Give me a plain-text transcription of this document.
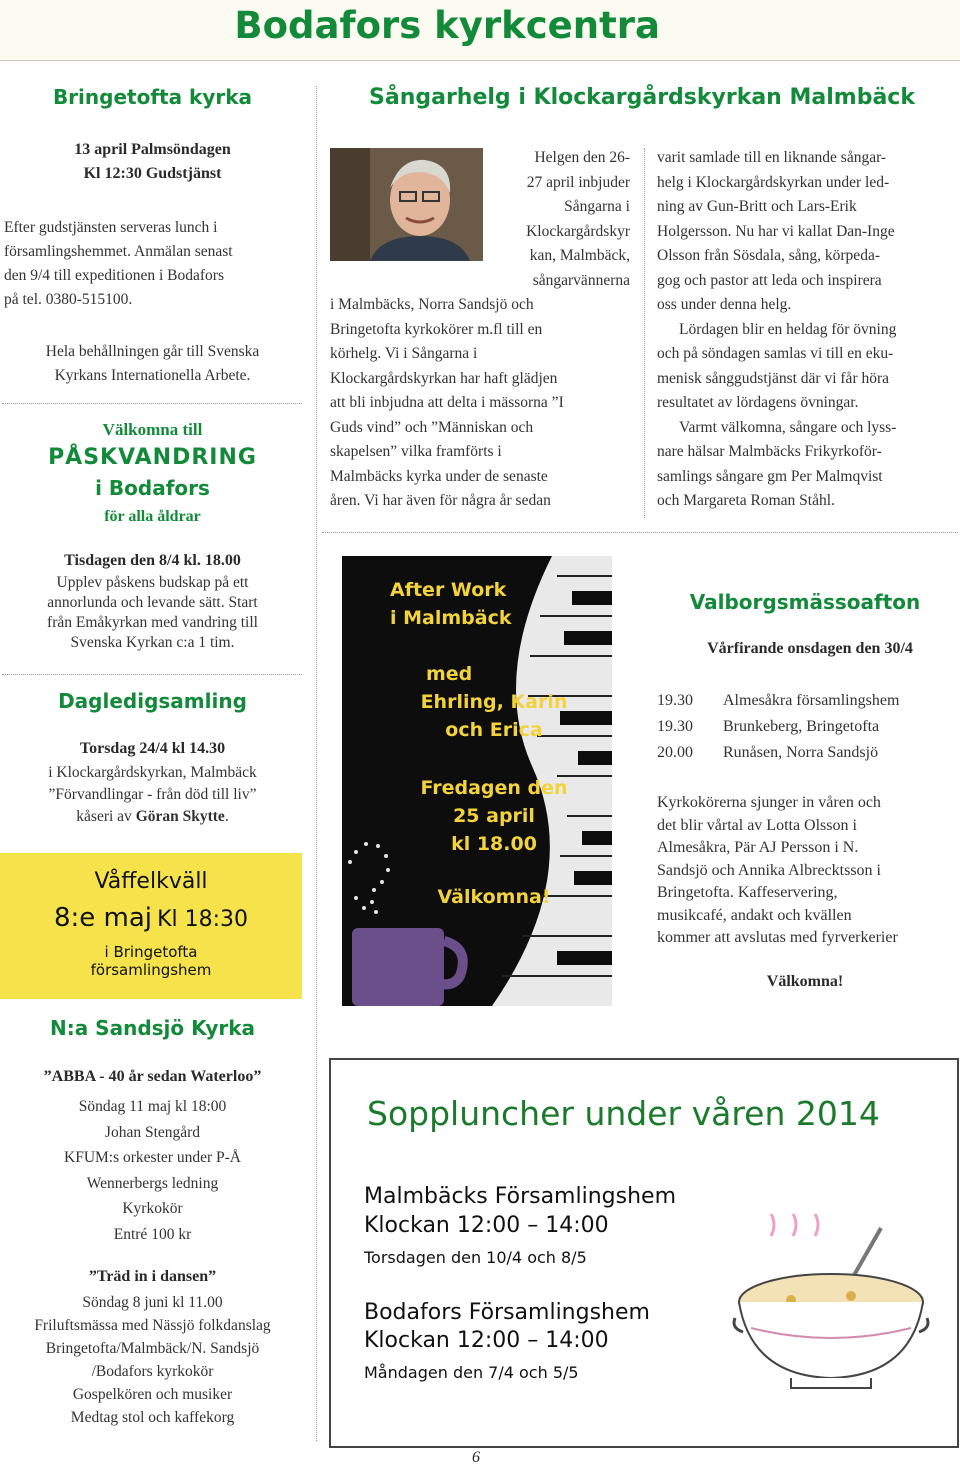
Bodafors kyrkcentra
Bringetofta kyrka
13 april Palmsöndagen
Kl 12:30 Gudstjänst
Efter gudstjänsten serveras lunch i
församlingshemmet. Anmälan senast
den 9/4 till expeditionen i Bodafors
på tel. 0380-515100.
Hela behållningen går till Svenska
Kyrkans Internationella Arbete.
Välkomna till
PÅSKVANDRING
i Bodafors
för alla åldrar
Tisdagen den 8/4 kl. 18.00
Upplev påskens budskap på ett
annorlunda och levande sätt. Start
från Emåkyrkan med vandring till
Svenska Kyrkan c:a 1 tim.
Dagledigsamling
Torsdag 24/4 kl 14.30
i Klockargårdskyrkan, Malmbäck
”Förvandlingar - från död till liv”
kåseri av Göran Skytte.
Våffelkväll
8:e maj Kl 18:30
i Bringetofta
församlingshem
N:a Sandsjö Kyrka
”ABBA - 40 år sedan Waterloo”
Söndag 11 maj kl 18:00
Johan Stengård
KFUM:s orkester under P-Å
Wennerbergs ledning
Kyrkokör
Entré 100 kr
”Träd in i dansen”
Söndag 8 juni kl 11.00
Friluftsmässa med Nässjö folkdanslag
Bringetofta/Malmbäck/N. Sandsjö
/Bodafors kyrkokör
Gospelkören och musiker
Medtag stol och kaffekorg
Sångarhelg i Klockargårdskyrkan Malmbäck
Helgen den 26-
27 april inbjuder
Sångarna i
Klockargårdskyr
kan, Malmbäck,
sångarvännerna
i Malmbäcks, Norra Sandsjö och
Bringetofta kyrkokörer m.fl till en
körhelg. Vi i Sångarna i
Klockargårdskyrkan har haft glädjen
att bli inbjudna att delta i mässorna ”I
Guds vind” och ”Människan och
skapelsen” vilka framförts i
Malmbäcks kyrka under de senaste
åren. Vi har även för några år sedan
varit samlade till en liknande sångar-
helg i Klockargårdskyrkan under led-
ning av Gun-Britt och Lars-Erik
Holgersson. Nu har vi kallat Dan-Inge
Olsson från Sösdala, sång, körpeda-
gog och pastor att leda och inspirera
oss under denna helg.
Lördagen blir en heldag för övning
och på söndagen samlas vi till en eku-
menisk sånggudstjänst där vi får höra
resultatet av lördagens övningar.
Varmt välkomna, sångare och lyss-
nare hälsar Malmbäcks Frikyrkoför-
samlings sångare gm Per Malmqvist
och Margareta Roman Ståhl.
After Work
i Malmbäck
med
Ehrling, Karin
och Erica
Fredagen den
25 april
kl 18.00
Välkomna!
Valborgsmässoafton
Vårfirande onsdagen den 30/4
19.30 Almesåkra församlingshem
19.30 Brunkeberg, Bringetofta
20.00 Runåsen, Norra Sandsjö
Kyrkokörerna sjunger in våren och
det blir vårtal av Lotta Olsson i
Almesåkra, Pär AJ Persson i N.
Sandsjö och Annika Albrecktsson i
Bringetofta. Kaffeservering,
musikcafé, andakt och kvällen
kommer att avslutas med fyrverkerier
Välkomna!
Soppluncher under våren 2014
Malmbäcks Församlingshem
Klockan 12:00 – 14:00
Torsdagen den 10/4 och 8/5
Bodafors Församlingshem
Klockan 12:00 – 14:00
Måndagen den 7/4 och 5/5
6
